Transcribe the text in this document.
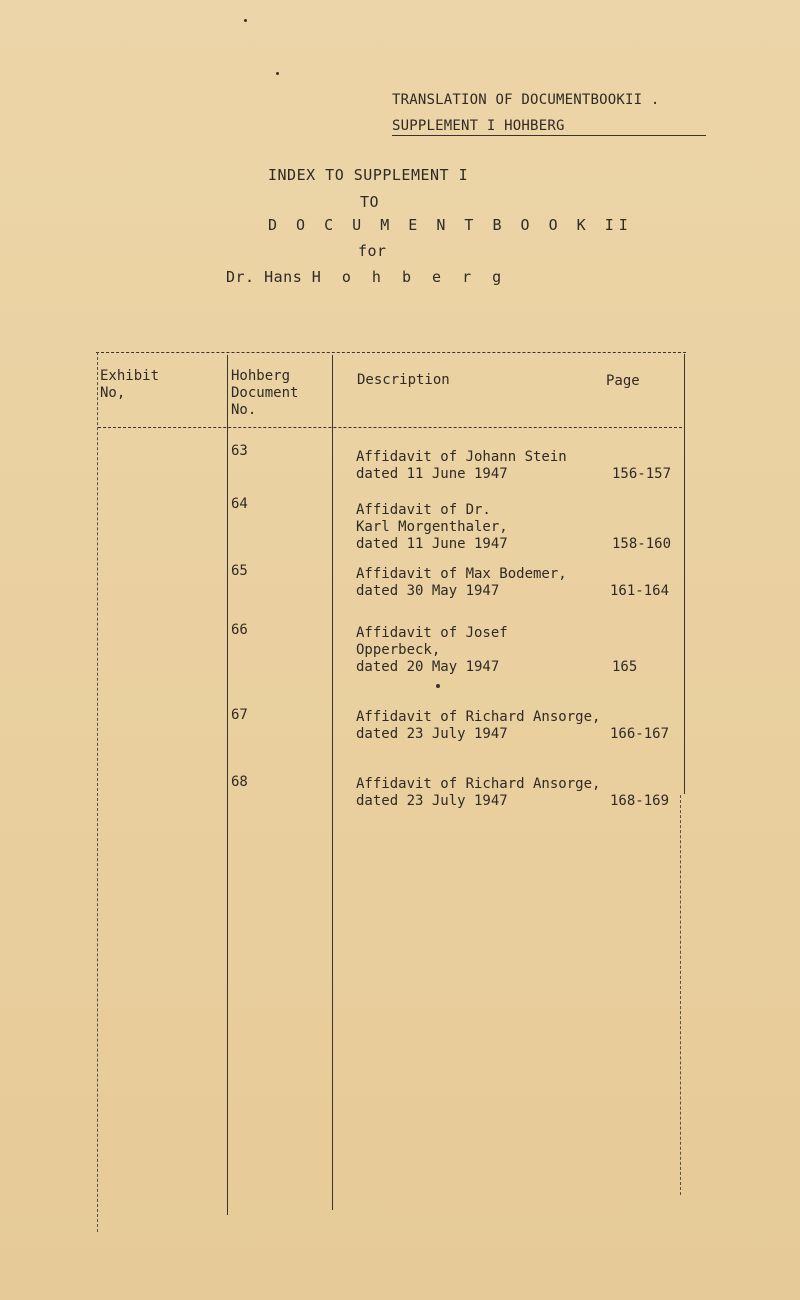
TRANSLATION OF DOCUMENTBOOKII .
SUPPLEMENT I HOHBERG
INDEX TO SUPPLEMENT I
TO
D O C U M E N T B O O K II
for
Dr. Hans H o h b e r g
Exhibit
No,
Hohberg
Document
No.
Description	Page
63	Affidavit of Johann Stein
dated 11 June 1947	156-157
64	Affidavit of Dr.
Karl Morgenthaler,
dated 11 June 1947	158-160
65	Affidavit of Max Bodemer,
dated 30 May 1947	161-164
66	Affidavit of Josef
Opperbeck,
dated 20 May 1947	165
67	Affidavit of Richard Ansorge,
dated 23 July 1947	166-167
68	Affidavit of Richard Ansorge,
dated 23 July 1947	168-169
